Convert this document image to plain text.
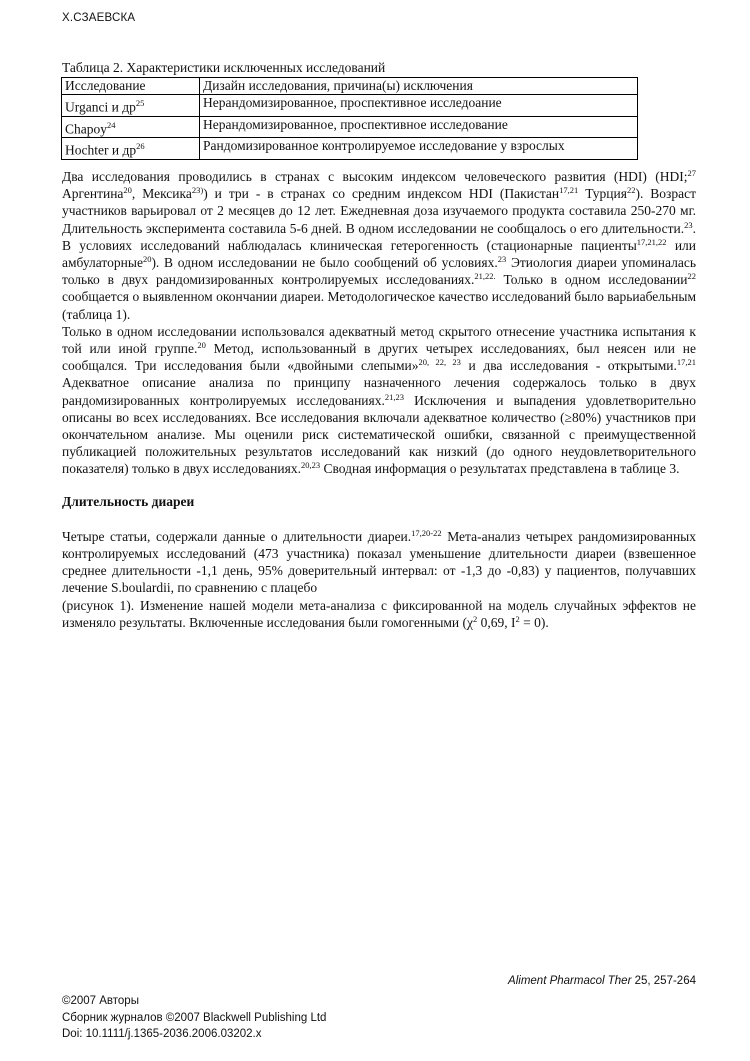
Х.СЗАЕВСКА
Таблица 2. Характеристики исключенных исследований
Исследование	Дизайн исследования, причина(ы) исключения
Urganci и $др^{25}$	Нерандомизированное, проспективное исследоание
Chapoy$^{24}$	Нерандомизированное, проспективное исследование
Hochter и $др^{26}$	Рандомизированное контролируемое исследование у взрослых

Два исследования проводились в странах с высоким индексом человеческого развития (HDI) (HDI;$^{27}$ Аргентина$^{20}$, Мексика$^{23)}$) и три - в странах со средним индексом HDI (Пакистан$^{17,21}$ Турция$^{22}$). Возраст участников варьировал от 2 месяцев до 12 лет. Ежедневная доза изучаемого продукта составила 250-270 мг. Длительность эксперимента составила 5-6 дней. В одном исследовании не сообщалось о его длительности.$^{23}$. В условиях исследований наблюдалась клиническая гетерогенность (стационарные пациенты$^{17,21,22}$ или амбулаторные$^{20}$). В одном исследовании не было сообщений об условиях.$^{23}$ Этиология диареи упоминалась только в двух рандомизированных контролируемых исследованиях.$^{21,22.}$ Только в одном исследовании$^{22}$ сообщается о выявленном окончании диареи. Методологическое качество исследований было варьиабельным (таблица 1).

Только в одном исследовании использовался адекватный метод скрытого отнесение участника испытания к той или иной группе.$^{20}$ Метод, использованный в других четырех исследованиях, был неясен или не сообщался. Три исследования были «двойными слепыми»$^{20, 22, 23}$ и два исследования - открытыми.$^{17,21}$ Адекватное описание анализа по принципу назначенного лечения содержалось только в двух рандомизированных контролируемых исследованиях.$^{21,23}$ Исключения и выпадения удовлетворительно описаны во всех исследованиях. Все исследования включали адекватное количество (≥80%) участников при окончательном анализе. Мы оценили риск систематической ошибки, связанной с преимущественной публикацией положительных результатов исследований как низкий (до одного неудовлетворительного показателя) только в двух исследованиях.$^{20,23}$ Сводная информация о результатах представлена в таблице 3.

Длительность диареи

Четыре статьи, содержали данные о длительности диареи.$^{17,20-22}$ Мета-анализ четырех рандомизированных контролируемых исследований (473 участника) показал уменьшение длительности диареи (взвешенное среднее длительности -1,1 день, 95% доверительный интервал: от -1,3 до -0,83) у пациентов, получавших лечение S.boulardii, по сравнению с плацебо

(рисунок 1). Изменение нашей модели мета-анализа с фиксированной на модель случайных эффектов не изменяло результаты. Включенные исследования были гомогенными ($\chi^2$ 0,69, $I^2 = 0$).

Aliment Pharmacol Ther 25, 257-264
©2007 Авторы
Сборник журналов ©2007 Blackwell Publishing Ltd
Doi: 10.1111/j.1365-2036.2006.03202.x
